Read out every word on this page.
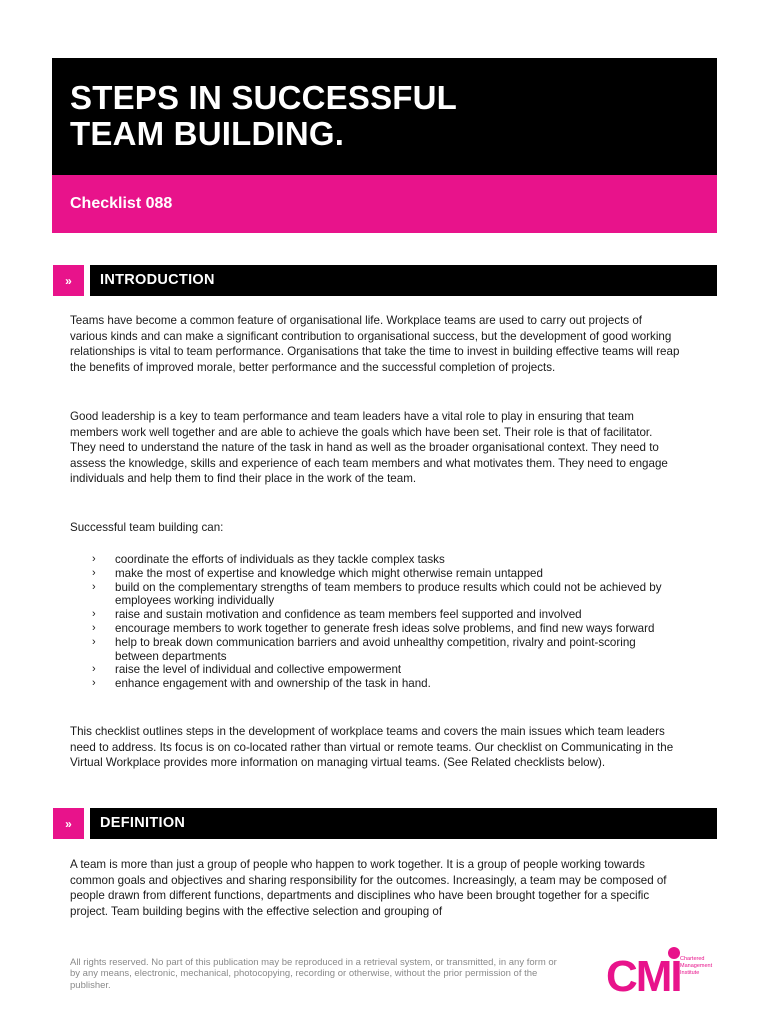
STEPS IN SUCCESSFUL
TEAM BUILDING.
Checklist 088
»	INTRODUCTION

Teams have become a common feature of organisational life. Workplace teams are used to carry out projects of various kinds and can make a significant contribution to organisational success, but the development of good working relationships is vital to team performance. Organisations that take the time to invest in building effective teams will reap the benefits of improved morale, better performance and the successful completion of projects.

Good leadership is a key to team performance and team leaders have a vital role to play in ensuring that team members work well together and are able to achieve the goals which have been set. Their role is that of facilitator. They need to understand the nature of the task in hand as well as the broader organisational context. They need to assess the knowledge, skills and experience of each team members and what motivates them. They need to engage individuals and help them to find their place in the work of the team.

Successful team building can:

› coordinate the efforts of individuals as they tackle complex tasks
› make the most of expertise and knowledge which might otherwise remain untapped
› build on the complementary strengths of team members to produce results which could not be achieved by employees working individually
› raise and sustain motivation and confidence as team members feel supported and involved
› encourage members to work together to generate fresh ideas solve problems, and find new ways forward
› help to break down communication barriers and avoid unhealthy competition, rivalry and point-scoring between departments
› raise the level of individual and collective empowerment
› enhance engagement with and ownership of the task in hand.

This checklist outlines steps in the development of workplace teams and covers the main issues which team leaders need to address. Its focus is on co-located rather than virtual or remote teams. Our checklist on Communicating in the Virtual Workplace provides more information on managing virtual teams. (See Related checklists below).

»	DEFINITION

A team is more than just a group of people who happen to work together. It is a group of people working towards common goals and objectives and sharing responsibility for the outcomes. Increasingly, a team may be composed of people drawn from different functions, departments and disciplines who have been brought together for a specific project. Team building begins with the effective selection and grouping of

All rights reserved. No part of this publication may be reproduced in a retrieval system, or transmitted, in any form or by any means, electronic, mechanical, photocopying, recording or otherwise, without the prior permission of the publisher.	CMI Chartered
Management
Institute
